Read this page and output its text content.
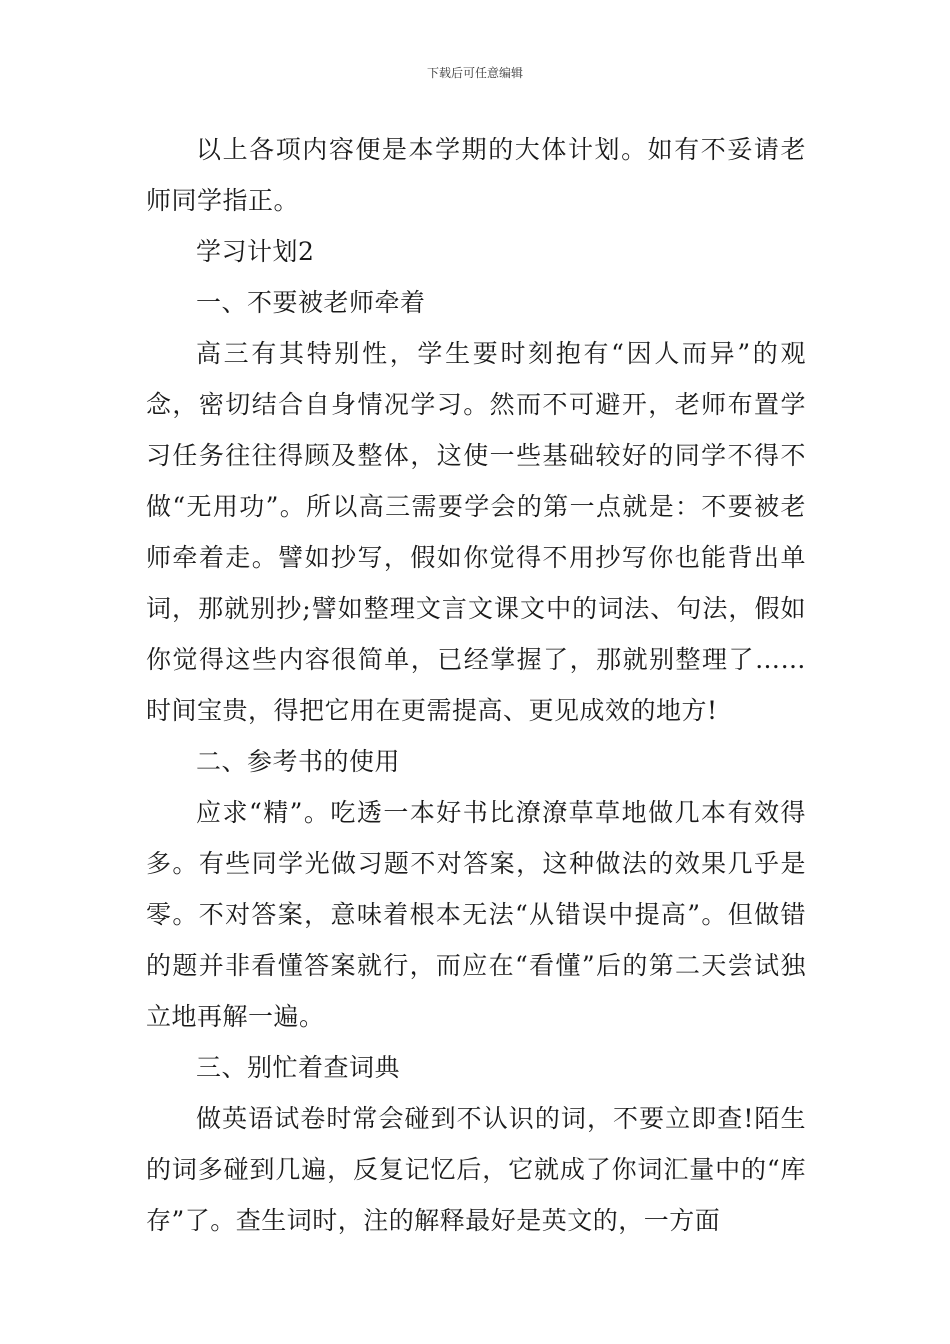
下载后可任意编辑

以上各项内容便是本学期的大体计划。如有不妥请老师同学指正。

学习计划2

一、不要被老师牵着

高三有其特别性，学生要时刻抱有“因人而异”的观念，密切结合自身情况学习。然而不可避开，老师布置学习任务往往得顾及整体，这使一些基础较好的同学不得不做“无用功”。所以高三需要学会的第一点就是：不要被老师牵着走。譬如抄写，假如你觉得不用抄写你也能背出单词，那就别抄;譬如整理文言文课文中的词法、句法，假如你觉得这些内容很简单，已经掌握了，那就别整理了……时间宝贵，得把它用在更需提高、更见成效的地方!

二、参考书的使用

应求“精”。吃透一本好书比潦潦草草地做几本有效得多。有些同学光做习题不对答案，这种做法的效果几乎是零。不对答案，意味着根本无法“从错误中提高”。但做错的题并非看懂答案就行，而应在“看懂”后的第二天尝试独立地再解一遍。

三、别忙着查词典

做英语试卷时常会碰到不认识的词，不要立即查!陌生的词多碰到几遍，反复记忆后，它就成了你词汇量中的“库存”了。查生词时，注的解释最好是英文的，一方面
